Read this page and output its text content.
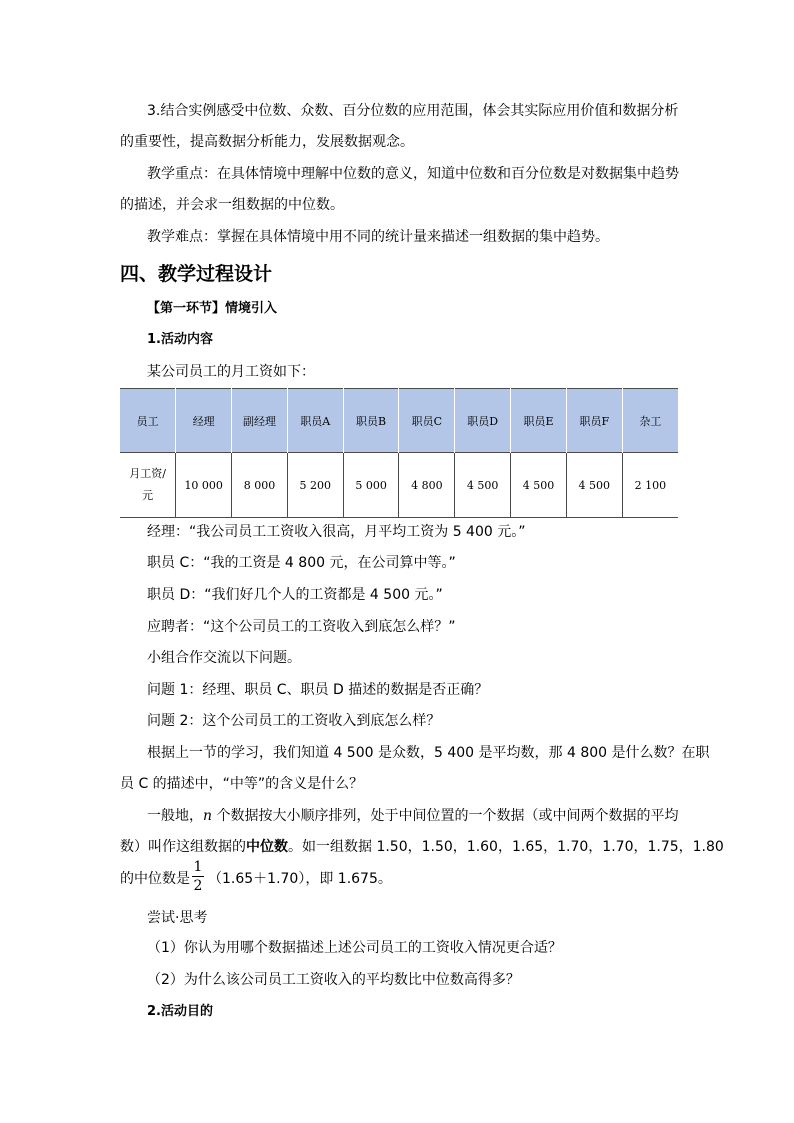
3.结合实例感受中位数、众数、百分位数的应用范围，体会其实际应用价值和数据分析
的重要性，提高数据分析能力，发展数据观念。
教学重点：在具体情境中理解中位数的意义，知道中位数和百分位数是对数据集中趋势
的描述，并会求一组数据的中位数。
教学难点：掌握在具体情境中用不同的统计量来描述一组数据的集中趋势。
四、教学过程设计
【第一环节】情境引入
1.活动内容
某公司员工的月工资如下：
员工	经理	副经理	职员A	职员B	职员C	职员D	职员E	职员F	杂工
月工资/
元	10 000	8 000	5 200	5 000	4 800	4 500	4 500	4 500	2 100
经理：“我公司员工工资收入很高，月平均工资为 5 400 元。”
职员 C：“我的工资是 4 800 元，在公司算中等。”
职员 D：“我们好几个人的工资都是 4 500 元。”
应聘者：“这个公司员工的工资收入到底怎么样？”
小组合作交流以下问题。
问题 1：经理、职员 C、职员 D 描述的数据是否正确？
问题 2：这个公司员工的工资收入到底怎么样？
根据上一节的学习，我们知道 4 500 是众数，5 400 是平均数，那 4 800 是什么数？在职
员 C 的描述中，“中等”的含义是什么？
一般地，n 个数据按大小顺序排列，处于中间位置的一个数据（或中间两个数据的平均
数）叫作这组数据的中位数。如一组数据 1.50，1.50，1.60，1.65，1.70，1.70，1.75，1.80
的中位数是
1
2 （1.65＋1.70），即 1.675。
尝试·思考
（1）你认为用哪个数据描述上述公司员工的工资收入情况更合适？
（2）为什么该公司员工工资收入的平均数比中位数高得多？
2.活动目的
